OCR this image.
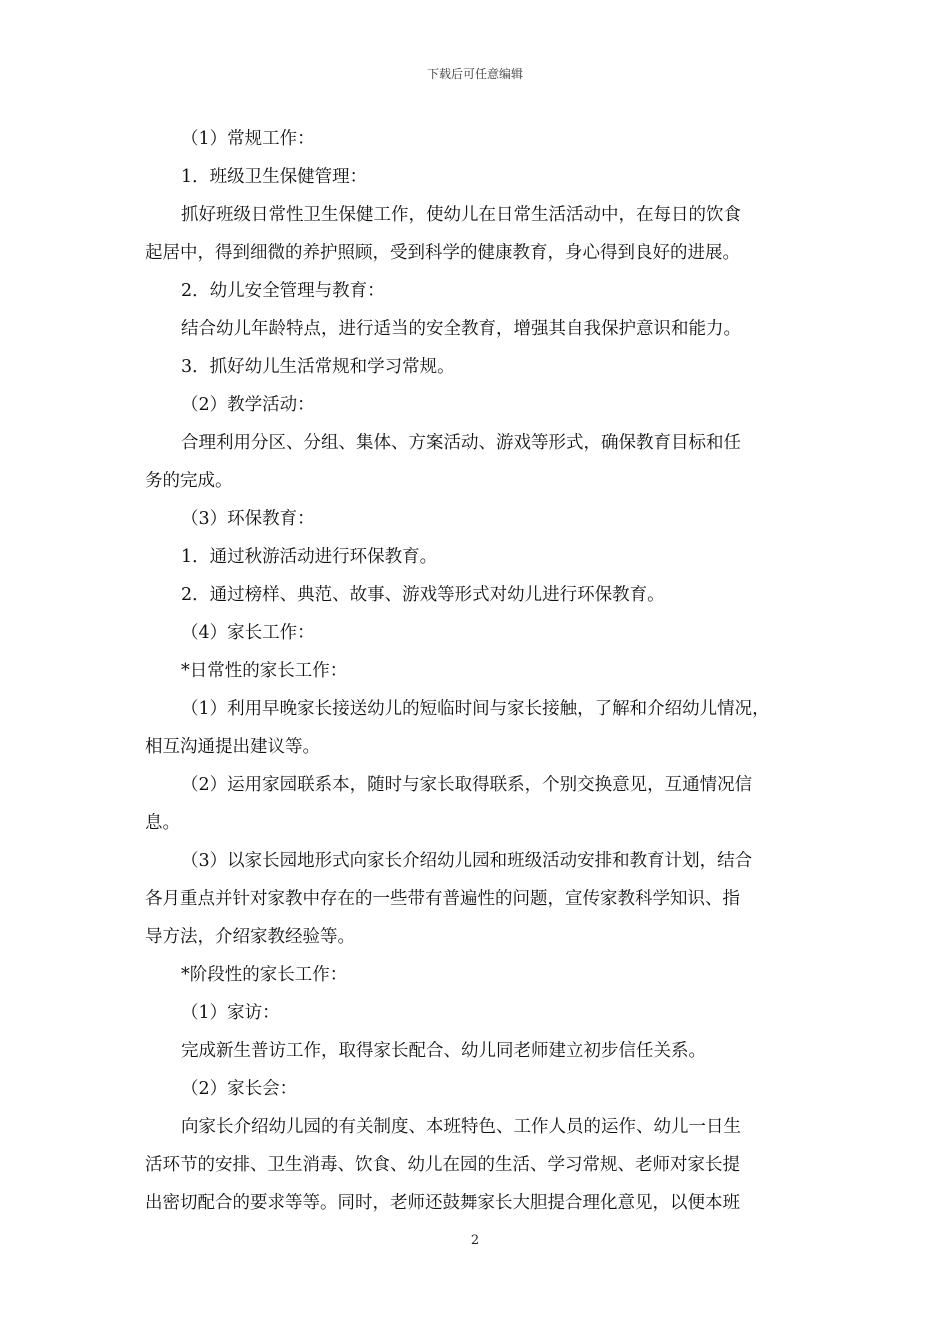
下载后可任意编辑

（1）常规工作：

1．班级卫生保健管理：

抓好班级日常性卫生保健工作，使幼儿在日常生活活动中，在每日的饮食

起居中，得到细微的养护照顾，受到科学的健康教育，身心得到良好的进展。

2．幼儿安全管理与教育：

结合幼儿年龄特点，进行适当的安全教育，增强其自我保护意识和能力。

3．抓好幼儿生活常规和学习常规。

（2）教学活动：

合理利用分区、分组、集体、方案活动、游戏等形式，确保教育目标和任

务的完成。

（3）环保教育：

1．通过秋游活动进行环保教育。

2．通过榜样、典范、故事、游戏等形式对幼儿进行环保教育。

（4）家长工作：

*日常性的家长工作：

（1）利用早晚家长接送幼儿的短临时间与家长接触，了解和介绍幼儿情况，

相互沟通提出建议等。

（2）运用家园联系本，随时与家长取得联系，个别交换意见，互通情况信

息。

（3）以家长园地形式向家长介绍幼儿园和班级活动安排和教育计划，结合

各月重点并针对家教中存在的一些带有普遍性的问题，宣传家教科学知识、指

导方法，介绍家教经验等。

*阶段性的家长工作：

（1）家访：

完成新生普访工作，取得家长配合、幼儿同老师建立初步信任关系。

（2）家长会：

向家长介绍幼儿园的有关制度、本班特色、工作人员的运作、幼儿一日生

活环节的安排、卫生消毒、饮食、幼儿在园的生活、学习常规、老师对家长提

出密切配合的要求等等。同时，老师还鼓舞家长大胆提合理化意见，以便本班

2
